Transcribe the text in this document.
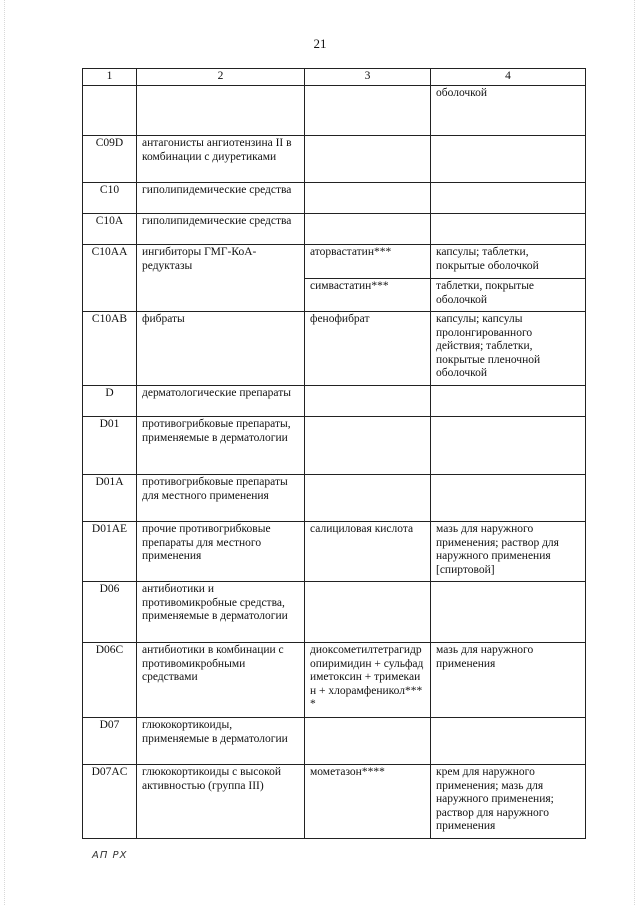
21
1	2	3	4
			оболочкой
C09D	антагонисты ангиотензина II в комбинации с диуретиками		
C10	гиполипидемические средства		
C10A	гиполипидемические средства		
C10AA	ингибиторы ГМГ-КоА-редуктазы	аторвастатин***	капсулы; таблетки, покрытые оболочкой
		симвастатин***	таблетки, покрытые оболочкой
C10AB	фибраты	фенофибрат	капсулы; капсулы пролонгированного действия; таблетки, покрытые пленочной оболочкой
D	дерматологические препараты		
D01	противогрибковые препараты, применяемые в дерматологии		
D01A	противогрибковые препараты для местного применения		
D01AE	прочие противогрибковые препараты для местного применения	салициловая кислота	мазь для наружного применения; раствор для наружного применения [спиртовой]
D06	антибиотики и противомикробные средства, применяемые в дерматологии		
D06C	антибиотики в комбинации с противомикробными средствами	диоксометилтетрагидропиримидин + сульфадиметоксин + тримекаин + хлорамфеникол****	мазь для наружного применения
D07	глюкокортикоиды, применяемые в дерматологии		
D07AC	глюкокортикоиды с высокой активностью (группа III)	мометазон****	крем для наружного применения; мазь для наружного применения; раствор для наружного применения
АП РХ
